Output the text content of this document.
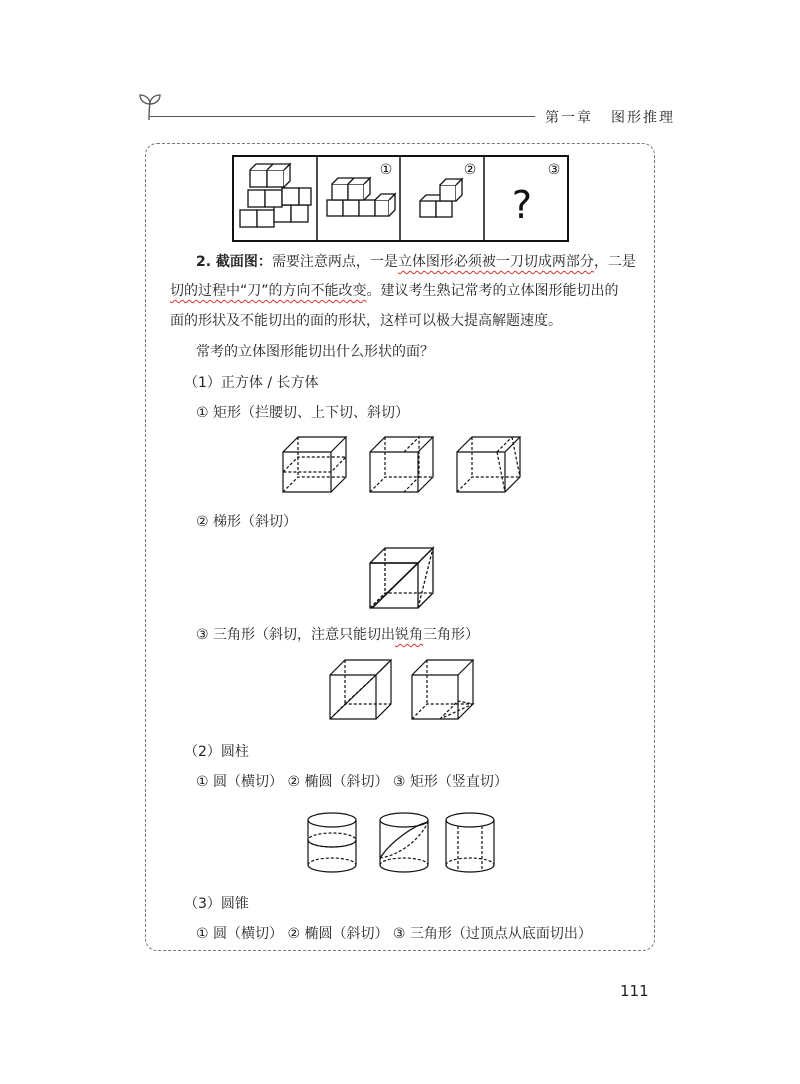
第一章 图形推理
①	②	③
?
2. 截面图：需要注意两点，一是立体图形必须被一刀切成两部分，二是
切的过程中“刀”的方向不能改变。建议考生熟记常考的立体图形能切出的
面的形状及不能切出的面的形状，这样可以极大提高解题速度。
常考的立体图形能切出什么形状的面？
（1）正方体 / 长方体
① 矩形（拦腰切、上下切、斜切）
② 梯形（斜切）
③ 三角形（斜切，注意只能切出锐角三角形）
（2）圆柱
① 圆（横切） ② 椭圆（斜切） ③ 矩形（竖直切）
（3）圆锥
① 圆（横切） ② 椭圆（斜切） ③ 三角形（过顶点从底面切出）
111
